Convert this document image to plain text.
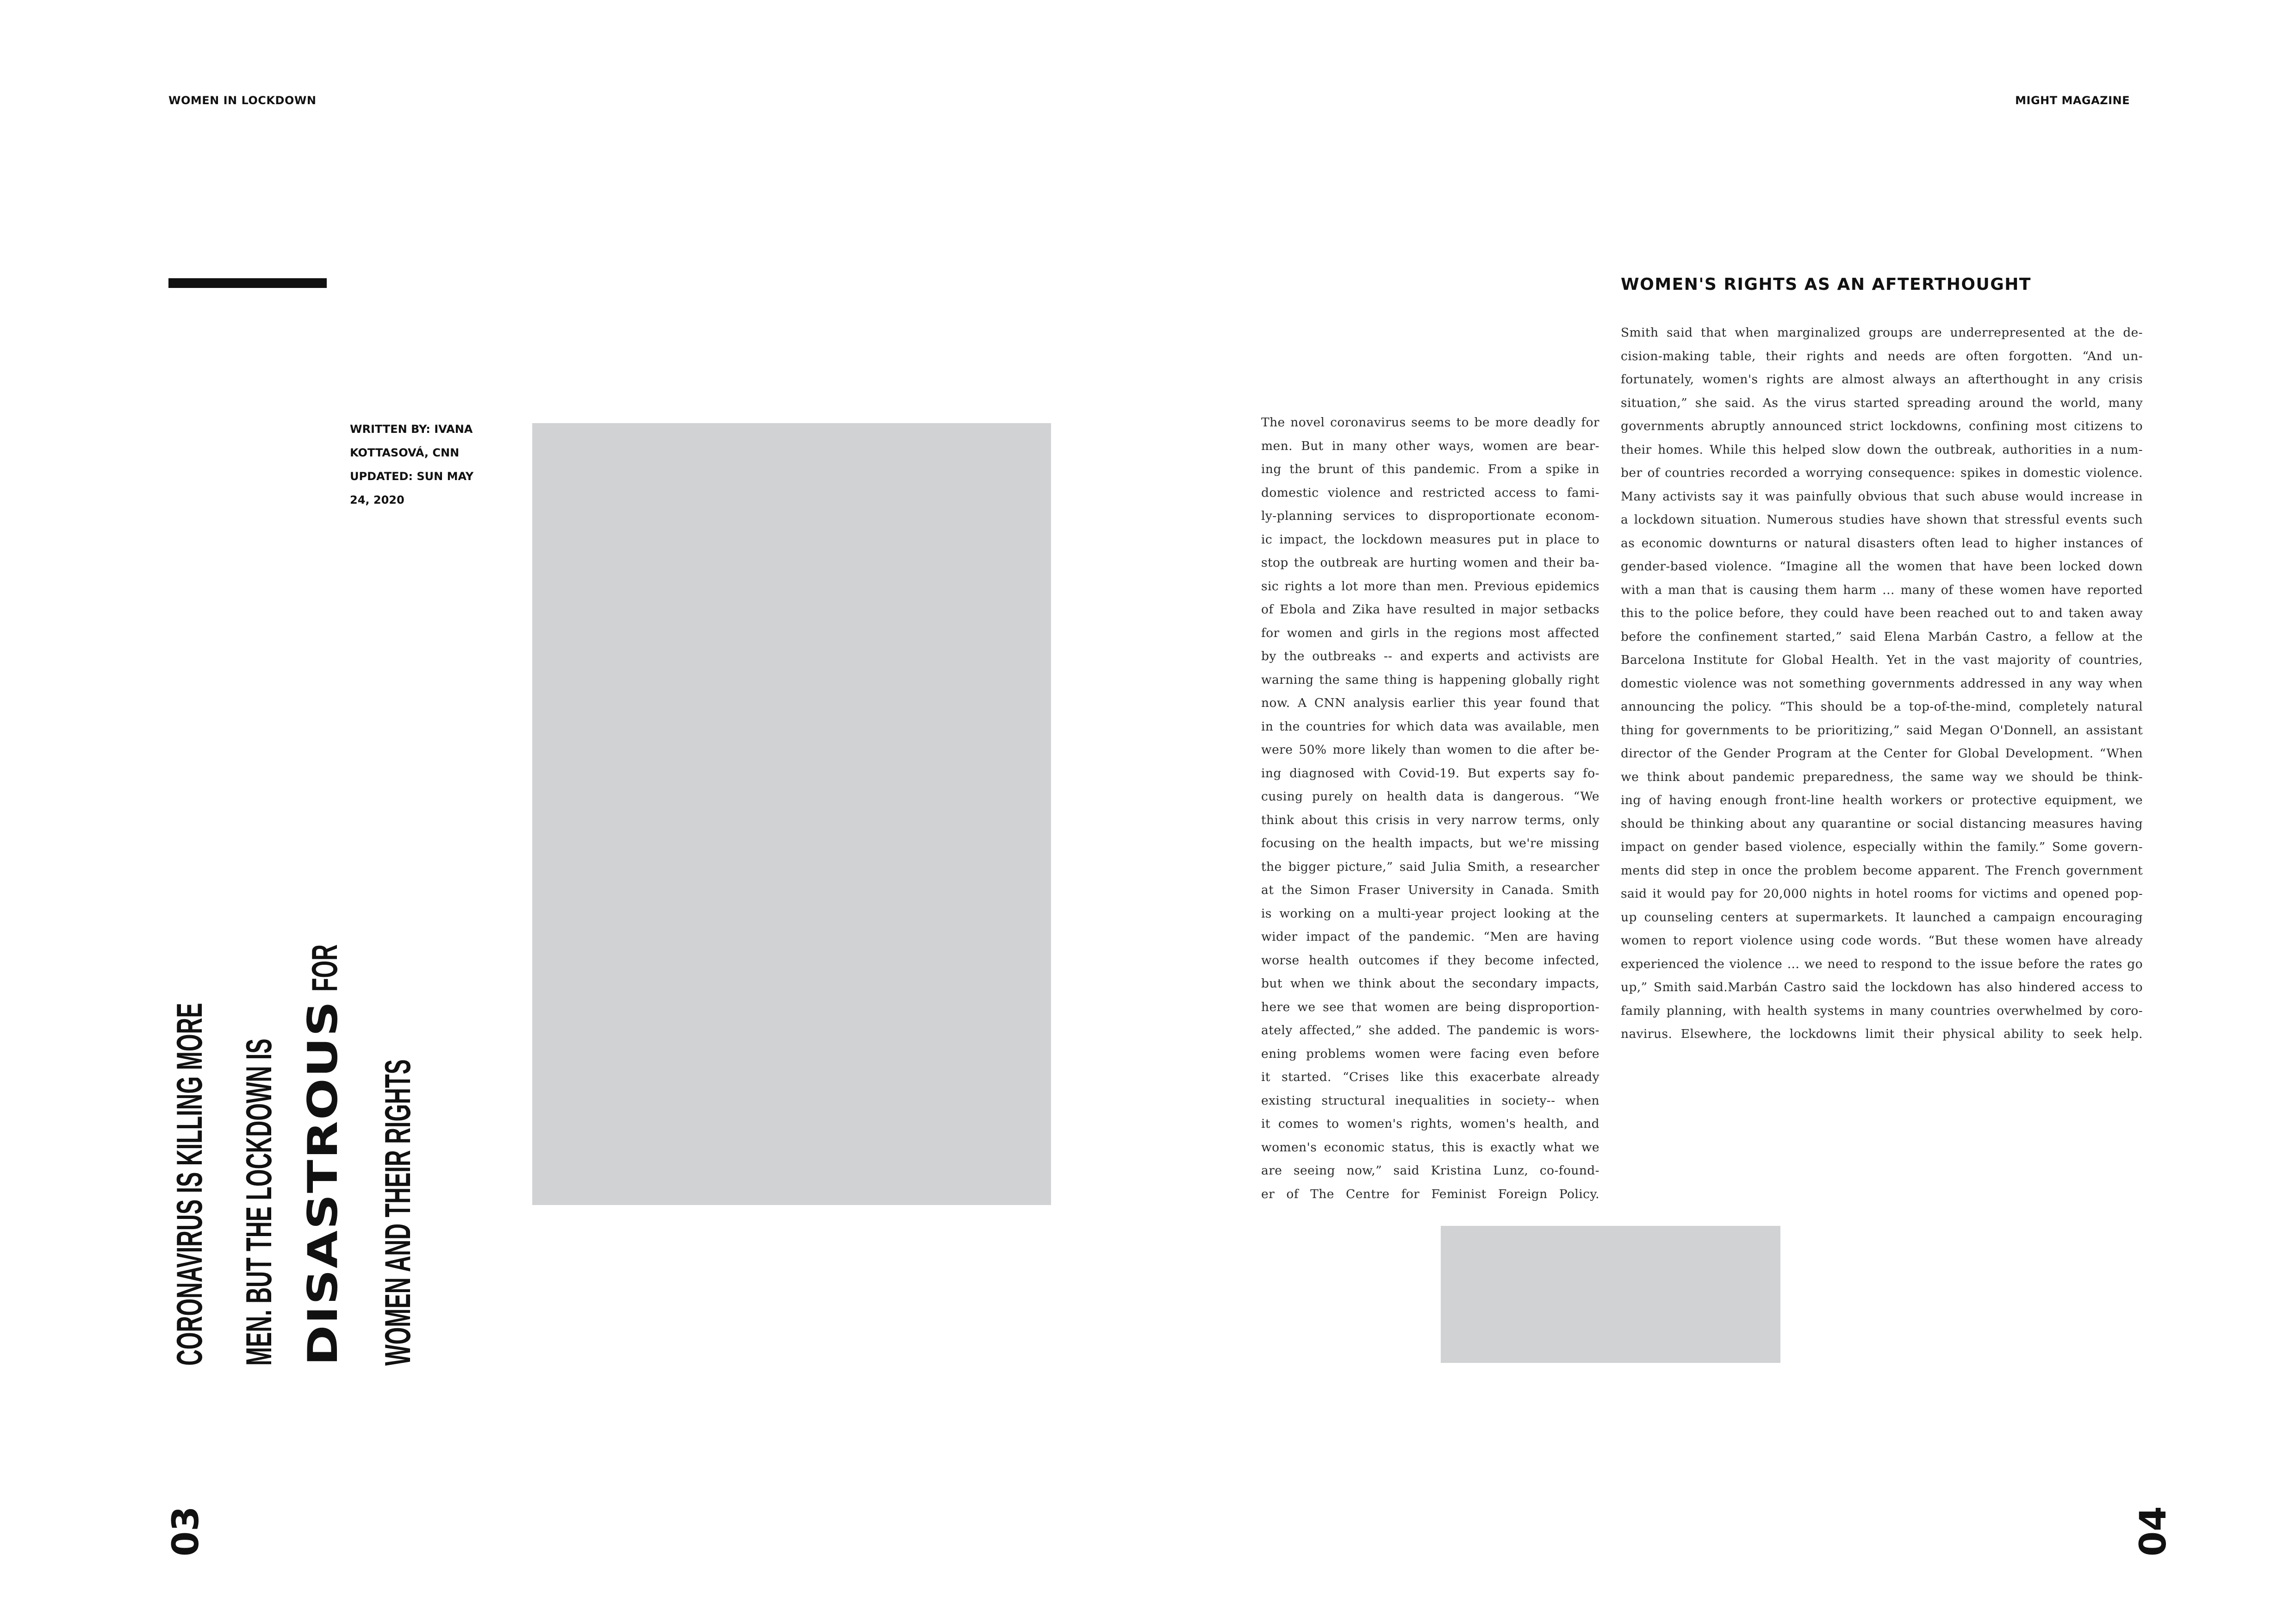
WOMEN IN LOCKDOWN	MIGHT MAGAZINE
WRITTEN BY: IVANA
KOTTASOVÁ, CNN
UPDATED: SUN MAY
24, 2020
CORONAVIRUS IS KILLING MORE MEN. BUT THE LOCKDOWN IS DISASTROUSFOR
WOMEN AND THEIR RIGHTS
03	04
WOMEN'S RIGHTS AS AN AFTERTHOUGHT
The novel coronavirus seems to be more deadly for
men. But in many other ways, women are bear-
ing the brunt of this pandemic. From a spike in
domestic violence and restricted access to fami-
ly-planning services to disproportionate econom-
ic impact, the lockdown measures put in place to
stop the outbreak are hurting women and their ba-
sic rights a lot more than men. Previous epidemics
of Ebola and Zika have resulted in major setbacks
for women and girls in the regions most affected
by the outbreaks -- and experts and activists are
warning the same thing is happening globally right
now. A CNN analysis earlier this year found that
in the countries for which data was available, men
were 50% more likely than women to die after be-
ing diagnosed with Covid-19. But experts say fo-
cusing purely on health data is dangerous. “We
think about this crisis in very narrow terms, only
focusing on the health impacts, but we're missing
the bigger picture,” said Julia Smith, a researcher
at the Simon Fraser University in Canada. Smith
is working on a multi-year project looking at the
wider impact of the pandemic. “Men are having
worse health outcomes if they become infected,
but when we think about the secondary impacts,
here we see that women are being disproportion-
ately affected,” she added. The pandemic is wors-
ening problems women were facing even before
it started. “Crises like this exacerbate already
existing structural inequalities in society-- when
it comes to women's rights, women's health, and
women's economic status, this is exactly what we
are seeing now,” said Kristina Lunz, co-found-
er of The Centre for Feminist Foreign Policy.
Smith said that when marginalized groups are underrepresented at the de-
cision-making table, their rights and needs are often forgotten. “And un-
fortunately, women's rights are almost always an afterthought in any crisis
situation,” she said. As the virus started spreading around the world, many
governments abruptly announced strict lockdowns, confining most citizens to
their homes. While this helped slow down the outbreak, authorities in a num-
ber of countries recorded a worrying consequence: spikes in domestic violence.
Many activists say it was painfully obvious that such abuse would increase in
a lockdown situation. Numerous studies have shown that stressful events such
as economic downturns or natural disasters often lead to higher instances of
gender-based violence. “Imagine all the women that have been locked down
with a man that is causing them harm ... many of these women have reported
this to the police before, they could have been reached out to and taken away
before the confinement started,” said Elena Marbán Castro, a fellow at the
Barcelona Institute for Global Health. Yet in the vast majority of countries,
domestic violence was not something governments addressed in any way when
announcing the policy. “This should be a top-of-the-mind, completely natural
thing for governments to be prioritizing,” said Megan O'Donnell, an assistant
director of the Gender Program at the Center for Global Development. “When
we think about pandemic preparedness, the same way we should be think-
ing of having enough front-line health workers or protective equipment, we
should be thinking about any quarantine or social distancing measures having
impact on gender based violence, especially within the family.” Some govern-
ments did step in once the problem become apparent. The French government
said it would pay for 20,000 nights in hotel rooms for victims and opened pop-
up counseling centers at supermarkets. It launched a campaign encouraging
women to report violence using code words. “But these women have already
experienced the violence ... we need to respond to the issue before the rates go
up,” Smith said.Marbán Castro said the lockdown has also hindered access to
family planning, with health systems in many countries overwhelmed by coro-
navirus. Elsewhere, the lockdowns limit their physical ability to seek help.
